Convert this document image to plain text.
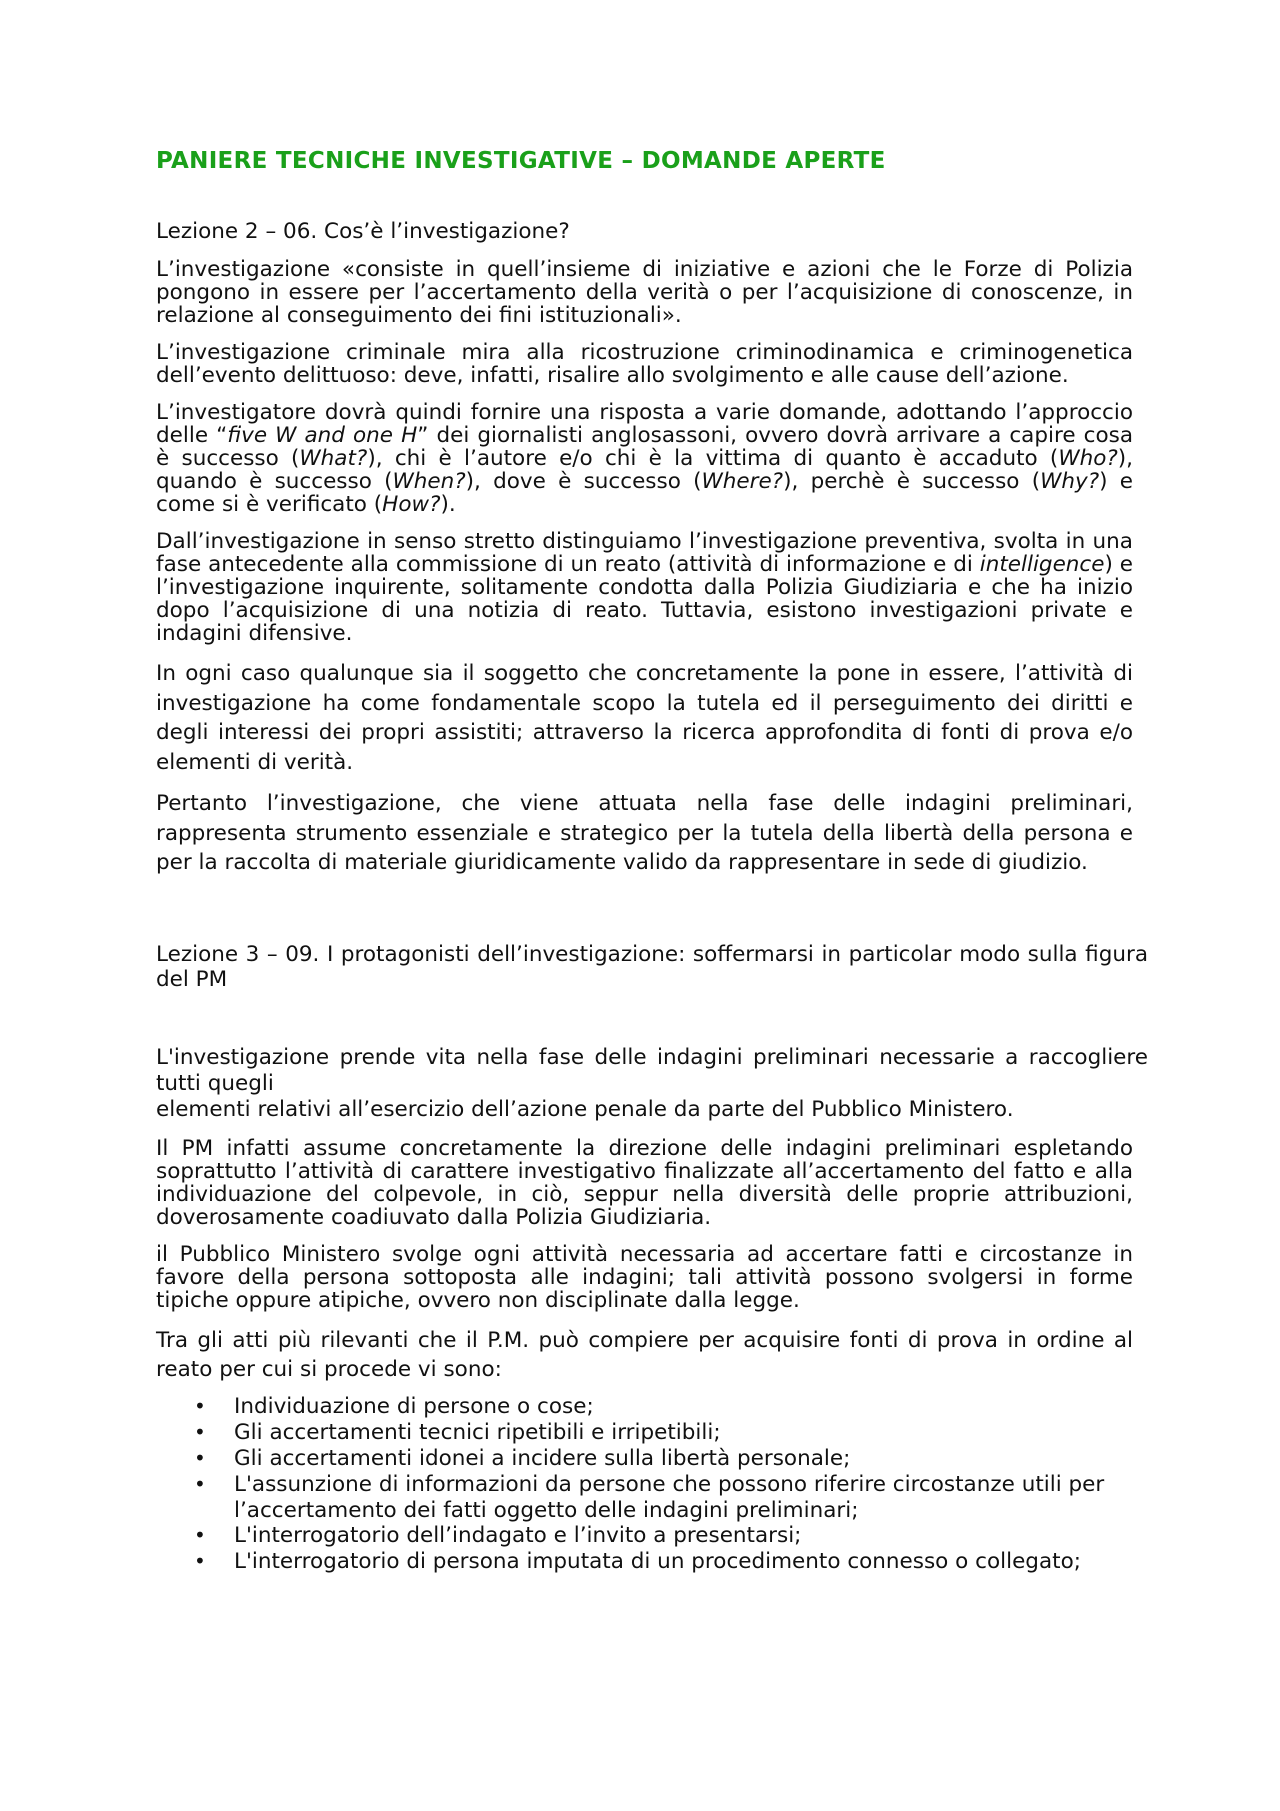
PANIERE TECNICHE INVESTIGATIVE – DOMANDE APERTE
Lezione 2 – 06. Cos’è l’investigazione?

L’investigazione «consiste in quell’insieme di iniziative e azioni che le Forze di Polizia pongono in essere per l’accertamento della verità o per l’acquisizione di conoscenze, in relazione al conseguimento dei fini istituzionali».

L’investigazione criminale mira alla ricostruzione criminodinamica e criminogenetica dell’evento delittuoso: deve, infatti, risalire allo svolgimento e alle cause dell’azione.

L’investigatore dovrà quindi fornire una risposta a varie domande, adottando l’approccio delle “five W and one H” dei giornalisti anglosassoni, ovvero dovrà arrivare a capire cosa è successo (What?), chi è l’autore e/o chi è la vittima di quanto è accaduto (Who?), quando è successo (When?), dove è successo (Where?), perchè è successo (Why?) e come si è verificato (How?).

Dall’investigazione in senso stretto distinguiamo l’investigazione preventiva, svolta in una fase antecedente alla commissione di un reato (attività di informazione e di intelligence) e l’investigazione inquirente, solitamente condotta dalla Polizia Giudiziaria e che ha inizio dopo l’acquisizione di una notizia di reato. Tuttavia, esistono investigazioni private e indagini difensive.

In ogni caso qualunque sia il soggetto che concretamente la pone in essere, l’attività di investigazione ha come fondamentale scopo la tutela ed il perseguimento dei diritti e degli interessi dei propri assistiti; attraverso la ricerca approfondita di fonti di prova e/o elementi di verità.

Pertanto l’investigazione, che viene attuata nella fase delle indagini preliminari, rappresenta strumento essenziale e strategico per la tutela della libertà della persona e per la raccolta di materiale giuridicamente valido da rappresentare in sede di giudizio.

Lezione 3 – 09. I protagonisti dell’investigazione: soffermarsi in particolar modo sulla figura del PM

L'investigazione prende vita nella fase delle indagini preliminari necessarie a raccogliere tutti quegli

elementi relativi all’esercizio dell’azione penale da parte del Pubblico Ministero.

Il PM infatti assume concretamente la direzione delle indagini preliminari espletando soprattutto l’attività di carattere investigativo finalizzate all’accertamento del fatto e alla individuazione del colpevole, in ciò, seppur nella diversità delle proprie attribuzioni, doverosamente coadiuvato dalla Polizia Giudiziaria.

il Pubblico Ministero svolge ogni attività necessaria ad accertare fatti e circostanze in favore della persona sottoposta alle indagini; tali attività possono svolgersi in forme tipiche oppure atipiche, ovvero non disciplinate dalla legge.

Tra gli atti più rilevanti che il P.M. può compiere per acquisire fonti di prova in ordine al reato per cui si procede vi sono:

• Individuazione di persone o cose;
• Gli accertamenti tecnici ripetibili e irripetibili;
• Gli accertamenti idonei a incidere sulla libertà personale;
• L'assunzione di informazioni da persone che possono riferire circostanze utili per

l’accertamento dei fatti oggetto delle indagini preliminari;
• L'interrogatorio dell’indagato e l’invito a presentarsi;
• L'interrogatorio di persona imputata di un procedimento connesso o collegato;
